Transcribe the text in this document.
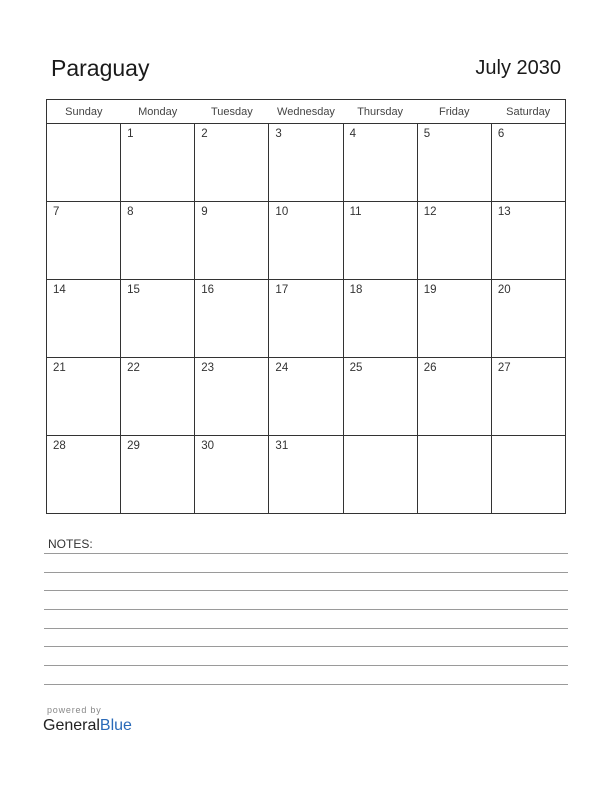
Paraguay	July 2030
Sunday	Monday	Tuesday	Wednesday	Thursday	Friday	Saturday

	1	2	3	4	5	6

7	8	9	10	11	12	13

14	15	16	17	18	19	20

21	22	23	24	25	26	27

28	29	30	31			

NOTES:
powered by
GeneralBlue
